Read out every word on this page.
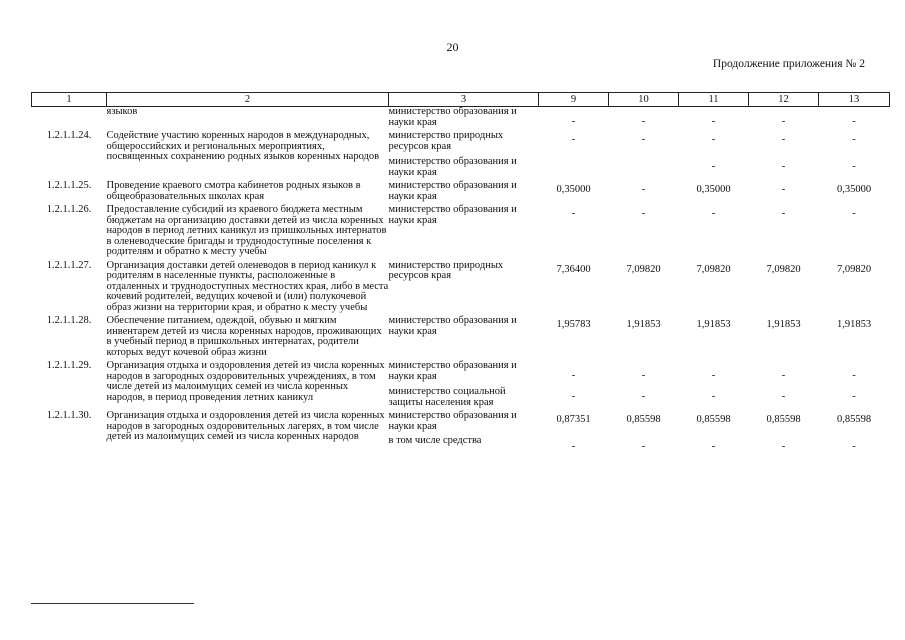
20
Продолжение приложения № 2
1	2	3	9	10	11	12	13
	языков	министерство образования и науки края	-	-	-	-	-

1.2.1.1.24.	Содействие участию коренных народов в международных, общероссийских и региональных мероприятиях, посвященных сохранению родных языков коренных народов	министерство природных ресурсов края	-	-	-	-	-
		министерство образования и науки края			-	-	-

1.2.1.1.25.	Проведение краевого смотра кабинетов родных языков в общеобразовательных школах края	министерство образования и науки края	0,35000	-	0,35000	-	0,35000

1.2.1.1.26.	Предоставление субсидий из краевого бюджета местным бюджетам на организацию доставки детей из числа коренных народов в период летних каникул из пришкольных интернатов в оленеводческие бригады и труднодоступные поселения к родителям и обратно к месту учебы	министерство образования и науки края	-	-	-	-	-

1.2.1.1.27.	Организация доставки детей оленеводов в период каникул к родителям в населенные пункты, расположенные в отдаленных и труднодоступных местностях края, либо в места кочевий родителей, ведущих кочевой и (или) полукочевой образ жизни на территории края, и обратно к месту учебы	министерство природных ресурсов края	7,36400	7,09820	7,09820	7,09820	7,09820

1.2.1.1.28.	Обеспечение питанием, одеждой, обувью и мягким инвентарем детей из числа коренных народов, проживающих в учебный период в пришкольных интернатах, родители которых ведут кочевой образ жизни	министерство образования и науки края	1,95783	1,91853	1,91853	1,91853	1,91853

1.2.1.1.29.	Организация отдыха и оздоровления детей из числа коренных народов в загородных оздоровительных учреждениях, в том числе детей из малоимущих семей из числа коренных народов, в период проведения летних каникул	министерство образования и науки края	-	-	-	-	-
		министерство социальной защиты населения края	-	-	-	-	-

1.2.1.1.30.	Организация отдыха и оздоровления детей из числа коренных народов в загородных оздоровительных лагерях, в том числе детей из малоимущих семей из числа коренных народов	министерство образования и науки края	0,87351	0,85598	0,85598	0,85598	0,85598
		в том числе средства	-	-	-	-	-
